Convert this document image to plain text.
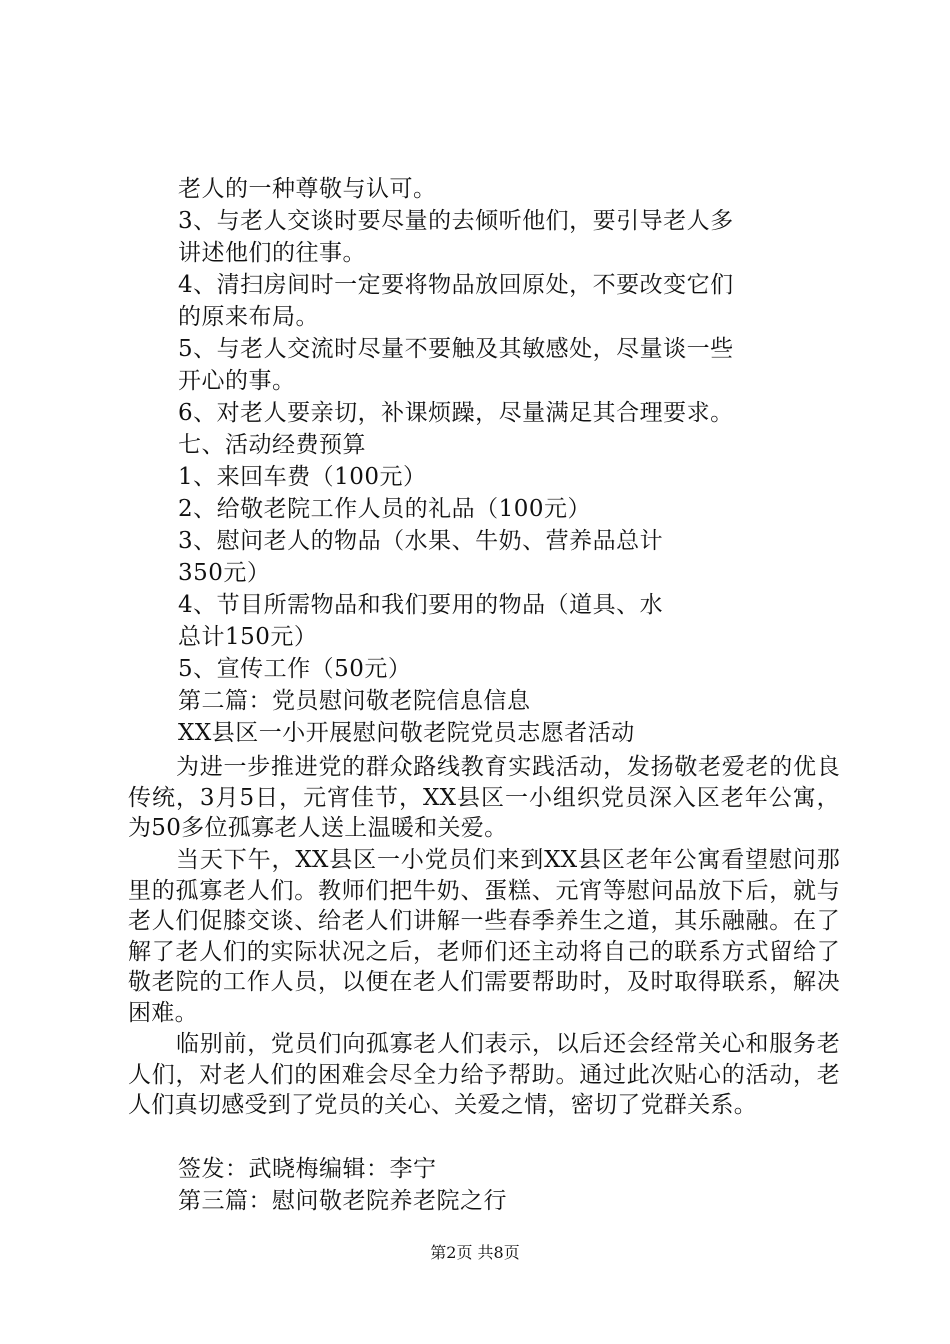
老人的一种尊敬与认可。
3、与老人交谈时要尽量的去倾听他们，要引导老人多
讲述他们的往事。
4、清扫房间时一定要将物品放回原处，不要改变它们
的原来布局。
5、与老人交流时尽量不要触及其敏感处，尽量谈一些
开心的事。
6、对老人要亲切，补课烦躁，尽量满足其合理要求。
七、活动经费预算
1、来回车费（100元）
2、给敬老院工作人员的礼品（100元）
3、慰问老人的物品（水果、牛奶、营养品总计
350元）
4、节目所需物品和我们要用的物品（道具、水
总计150元）
5、宣传工作（50元）
第二篇：党员慰问敬老院信息信息
XX县区一小开展慰问敬老院党员志愿者活动

为进一步推进党的群众路线教育实践活动，发扬敬老爱老的优良传统，3月5日，元宵佳节，XX县区一小组织党员深入区老年公寓，为50多位孤寡老人送上温暖和关爱。

当天下午，XX县区一小党员们来到XX县区老年公寓看望慰问那里的孤寡老人们。教师们把牛奶、蛋糕、元宵等慰问品放下后，就与老人们促膝交谈、给老人们讲解一些春季养生之道，其乐融融。在了解了老人们的实际状况之后，老师们还主动将自己的联系方式留给了敬老院的工作人员，以便在老人们需要帮助时，及时取得联系，解决困难。

临别前，党员们向孤寡老人们表示，以后还会经常关心和服务老人们，对老人们的困难会尽全力给予帮助。通过此次贴心的活动，老人们真切感受到了党员的关心、关爱之情，密切了党群关系。

签发：武晓梅编辑：李宁
第三篇：慰问敬老院养老院之行
第2页 共8页
